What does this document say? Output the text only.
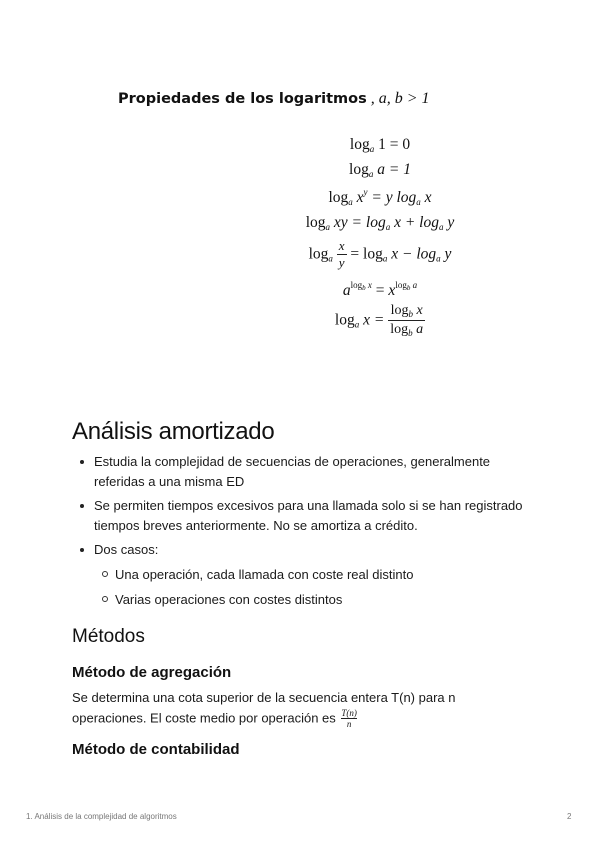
Propiedades de los logaritmos , a, b > 1
$\log_a 1 = 0$
$\log_a a = 1$
$\log_a x^y = y$ $\log_a x$
$\log_a$ xy = $\log_a x + \log_a y$
$\log_a \frac{x}{y} = \log_a x - \log_a y$
$a^{log_b x} = x^{log_b a}$
$\log_a x = \frac{\log_b x}{\log_b a}$
Análisis amortizado
Estudia la complejidad de secuencias de operaciones, generalmente referidas a una misma ED
Se permiten tiempos excesivos para una llamada solo si se han registrado tiempos breves anteriormente. No se amortiza a crédito.
Dos casos:
Una operación, cada llamada con coste real distinto
Varias operaciones con costes distintos
Métodos
Método de agregación
Se determina una cota superior de la secuencia entera T(n) para n operaciones. El coste medio por operación es $\frac{T(n)}{n}$
Método de contabilidad
1. Análisis de la complejidad de algoritmos	2
